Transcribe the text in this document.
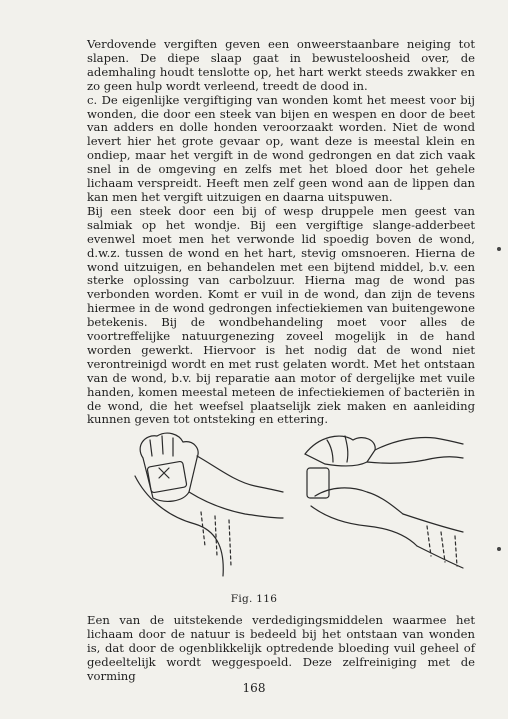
Verdovende vergiften geven een onweerstaanbare neiging tot slapen. De diepe slaap gaat in bewusteloosheid over, de ademhaling houdt tenslotte op, het hart werkt steeds zwakker en zo geen hulp wordt verleend, treedt de dood in.

c. De eigenlijke vergiftiging van wonden komt het meest voor bij wonden, die door een steek van bijen en wespen en door de beet van adders en dolle honden veroorzaakt worden. Niet de wond levert hier het grote gevaar op, want deze is meestal klein en ondiep, maar het vergift in de wond gedrongen en dat zich vaak snel in de omgeving en zelfs met het bloed door het gehele lichaam verspreidt. Heeft men zelf geen wond aan de lippen dan kan men het vergift uitzuigen en daarna uitspuwen.

Bij een steek door een bij of wesp druppele men geest van salmiak op het wondje. Bij een vergiftige slange-adderbeet evenwel moet men het verwonde lid spoedig boven de wond, d.w.z. tussen de wond en het hart, stevig omsnoeren. Hierna de wond uitzuigen, en behandelen met een bijtend middel, b.v. een sterke oplossing van carbolzuur. Hierna mag de wond pas verbonden worden. Komt er vuil in de wond, dan zijn de tevens hiermee in de wond gedrongen infectiekiemen van buitengewone betekenis. Bij de wondbehandeling moet voor alles de voortreffelijke natuurgenezing zoveel mogelijk in de hand worden gewerkt. Hiervoor is het nodig dat de wond niet verontreinigd wordt en met rust gelaten wordt. Met het ontstaan van de wond, b.v. bij reparatie aan motor of dergelijke met vuile handen, komen meestal meteen de infectiekiemen of bacteriën in de wond, die het weefsel plaatselijk ziek maken en aanleiding kunnen geven tot ontsteking en ettering.

Fig. 116
Een van de uitstekende verdedigingsmiddelen waarmee het lichaam door de natuur is bedeeld bij het ontstaan van wonden is, dat door de ogenblikkelijk optredende bloeding vuil geheel of gedeeltelijk wordt weggespoeld. Deze zelfreiniging met de vorming
168
